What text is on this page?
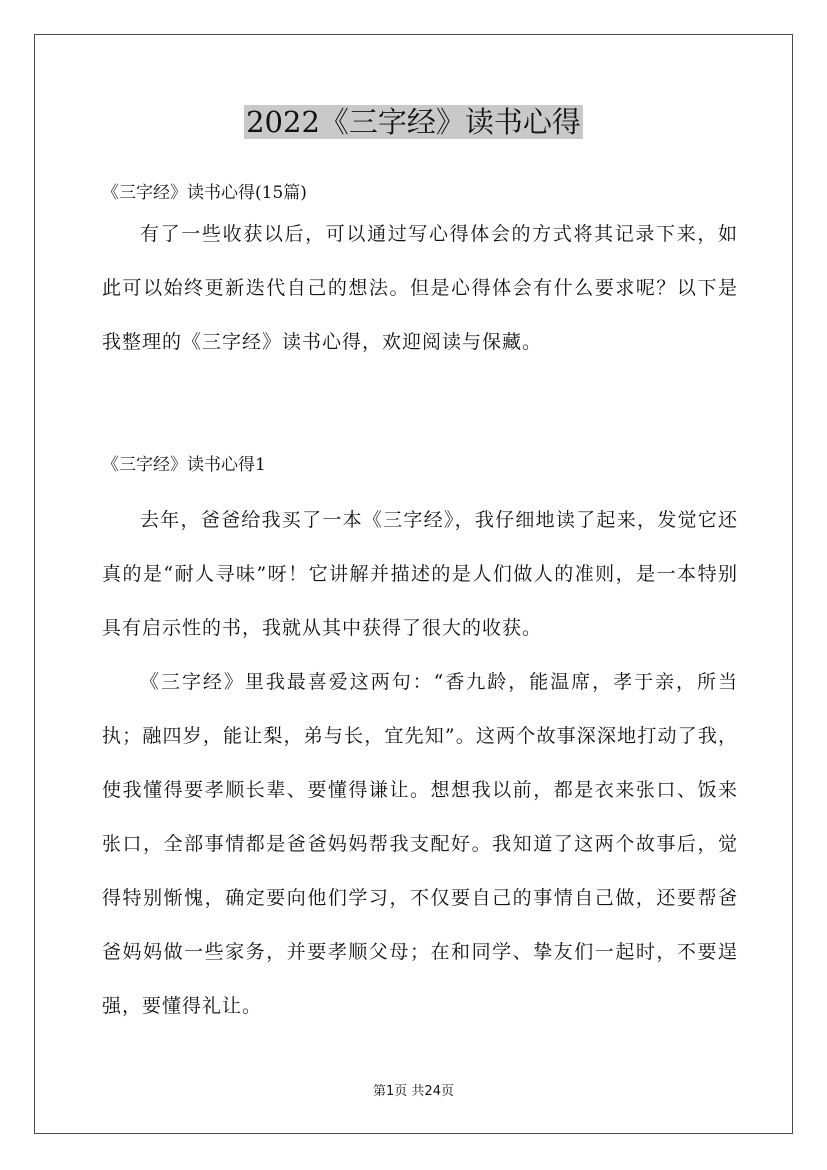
2022《三字经》读书心得

《三字经》读书心得(15篇)

有了一些收获以后，可以通过写心得体会的方式将其记录下来，如此可以始终更新迭代自己的想法。但是心得体会有什么要求呢？以下是我整理的《三字经》读书心得，欢迎阅读与保藏。

《三字经》读书心得1

去年，爸爸给我买了一本《三字经》，我仔细地读了起来，发觉它还真的是“耐人寻味”呀！它讲解并描述的是人们做人的准则，是一本特别具有启示性的书，我就从其中获得了很大的收获。

《三字经》里我最喜爱这两句：“香九龄，能温席，孝于亲，所当执；融四岁，能让梨，弟与长，宜先知”。这两个故事深深地打动了我，使我懂得要孝顺长辈、要懂得谦让。想想我以前，都是衣来张口、饭来张口，全部事情都是爸爸妈妈帮我支配好。我知道了这两个故事后，觉得特别惭愧，确定要向他们学习，不仅要自己的事情自己做，还要帮爸爸妈妈做一些家务，并要孝顺父母；在和同学、挚友们一起时，不要逞强，要懂得礼让。

第1页 共24页
